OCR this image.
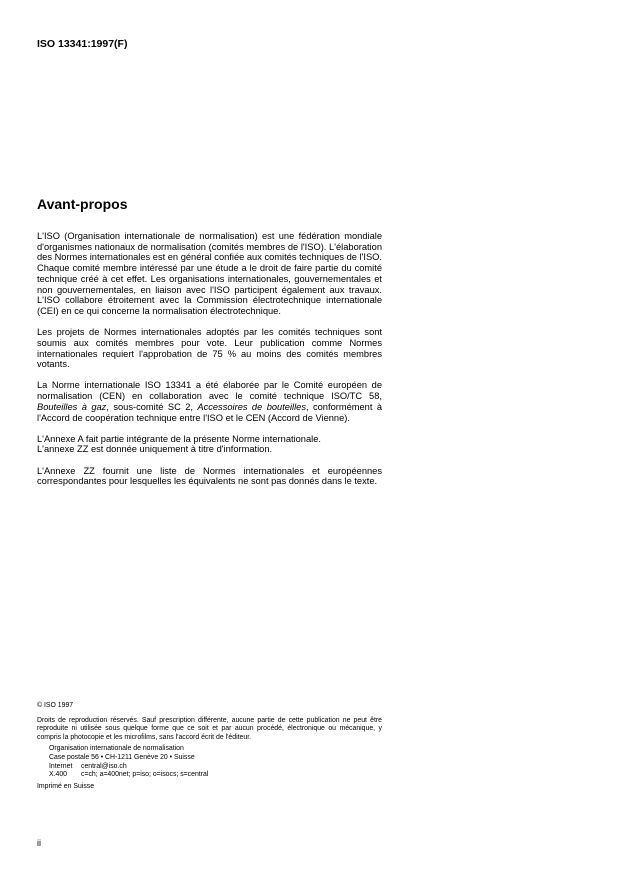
ISO 13341:1997(F)
Avant-propos

L'ISO (Organisation internationale de normalisation) est une fédération mondiale d'organismes nationaux de normalisation (comités membres de l'ISO). L'élaboration des Normes internationales est en général confiée aux comités techniques de l'ISO. Chaque comité membre intéressé par une étude a le droit de faire partie du comité technique créé à cet effet. Les organisations internationales, gouvernementales et non gouvernementales, en liaison avec l'ISO participent également aux travaux. L'ISO collabore étroitement avec la Commission électrotechnique internationale (CEI) en ce qui concerne la normalisation électrotechnique.

Les projets de Normes internationales adoptés par les comités techniques sont soumis aux comités membres pour vote. Leur publication comme Normes internationales requiert l'approbation de 75 % au moins des comités membres votants.

La Norme internationale ISO 13341 a été élaborée par le Comité européen de normalisation (CEN) en collaboration avec le comité technique ISO/TC 58, Bouteilles à gaz, sous-comité SC 2, Accessoires de bouteilles, conformément à l'Accord de coopération technique entre l'ISO et le CEN (Accord de Vienne).

L'Annexe A fait partie intégrante de la présente Norme internationale.
L'annexe ZZ est donnée uniquement à titre d'information.

L'Annexe ZZ fournit une liste de Normes internationales et européennes correspondantes pour lesquelles les équivalents ne sont pas donnés dans le texte.

© ISO 1997
Droits de reproduction réservés. Sauf prescription différente, aucune partie de cette publication ne peut être reproduite ni utilisée sous quelque forme que ce soit et par aucun procédé, électronique ou mécanique, y compris la photocopie et les microfilms, sans l'accord écrit de l'éditeur.
Organisation internationale de normalisation
Case postale 56 • CH-1211 Genève 20 • Suisse
Internet central@iso.ch
X.400 c=ch; a=400net; p=iso; o=isocs; s=central
Imprimé en Suisse
ii
